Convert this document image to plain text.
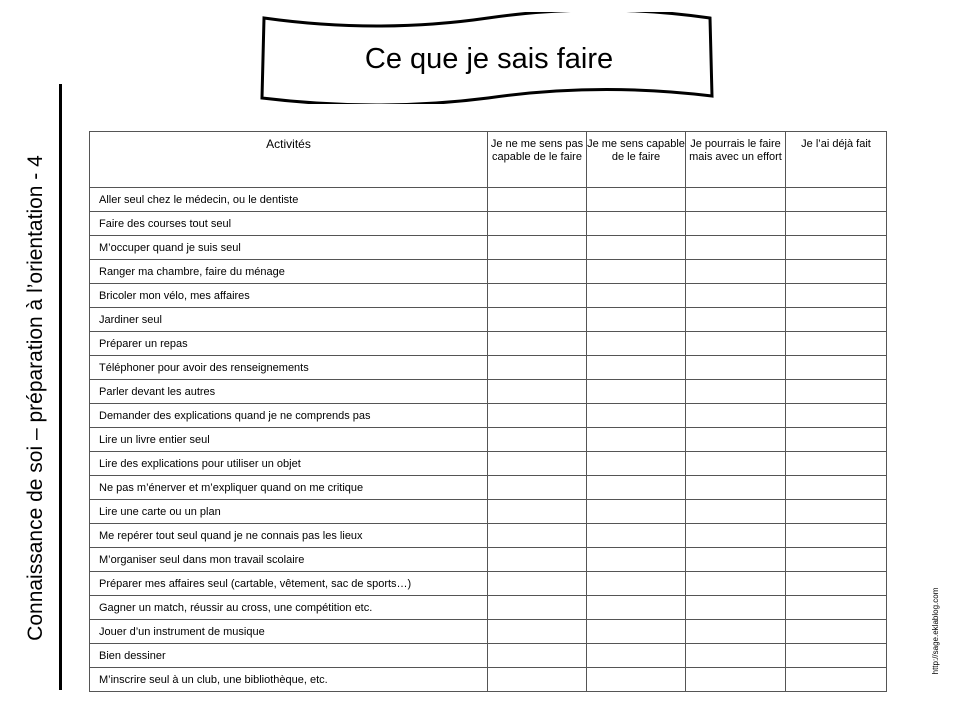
Ce que je sais faire
Connaissance de soi – préparation à l’orientation - 4	http://sage.eklablog.com
Activités	Je ne me sens pas capable de le faire	Je me sens capable de le faire	Je pourrais le faire mais avec un effort	Je l’ai déjà fait
Aller seul chez le médecin, ou le dentiste				
Faire des courses tout seul				
M’occuper quand je suis seul				
Ranger ma chambre, faire du ménage				
Bricoler mon vélo, mes affaires				
Jardiner seul				
Préparer un repas				
Téléphoner pour avoir des renseignements				
Parler devant les autres				
Demander des explications quand je ne comprends pas				
Lire un livre entier seul				
Lire des explications pour utiliser un objet				
Ne pas m’énerver et m’expliquer quand on me critique				
Lire une carte ou un plan				
Me repérer tout seul quand je ne connais pas les lieux				
M’organiser seul dans mon travail scolaire				
Préparer mes affaires seul (cartable, vêtement, sac de sports…)				
Gagner un match, réussir au cross, une compétition etc.				
Jouer d’un instrument de musique				
Bien dessiner				
M’inscrire seul à un club, une bibliothèque, etc.				
